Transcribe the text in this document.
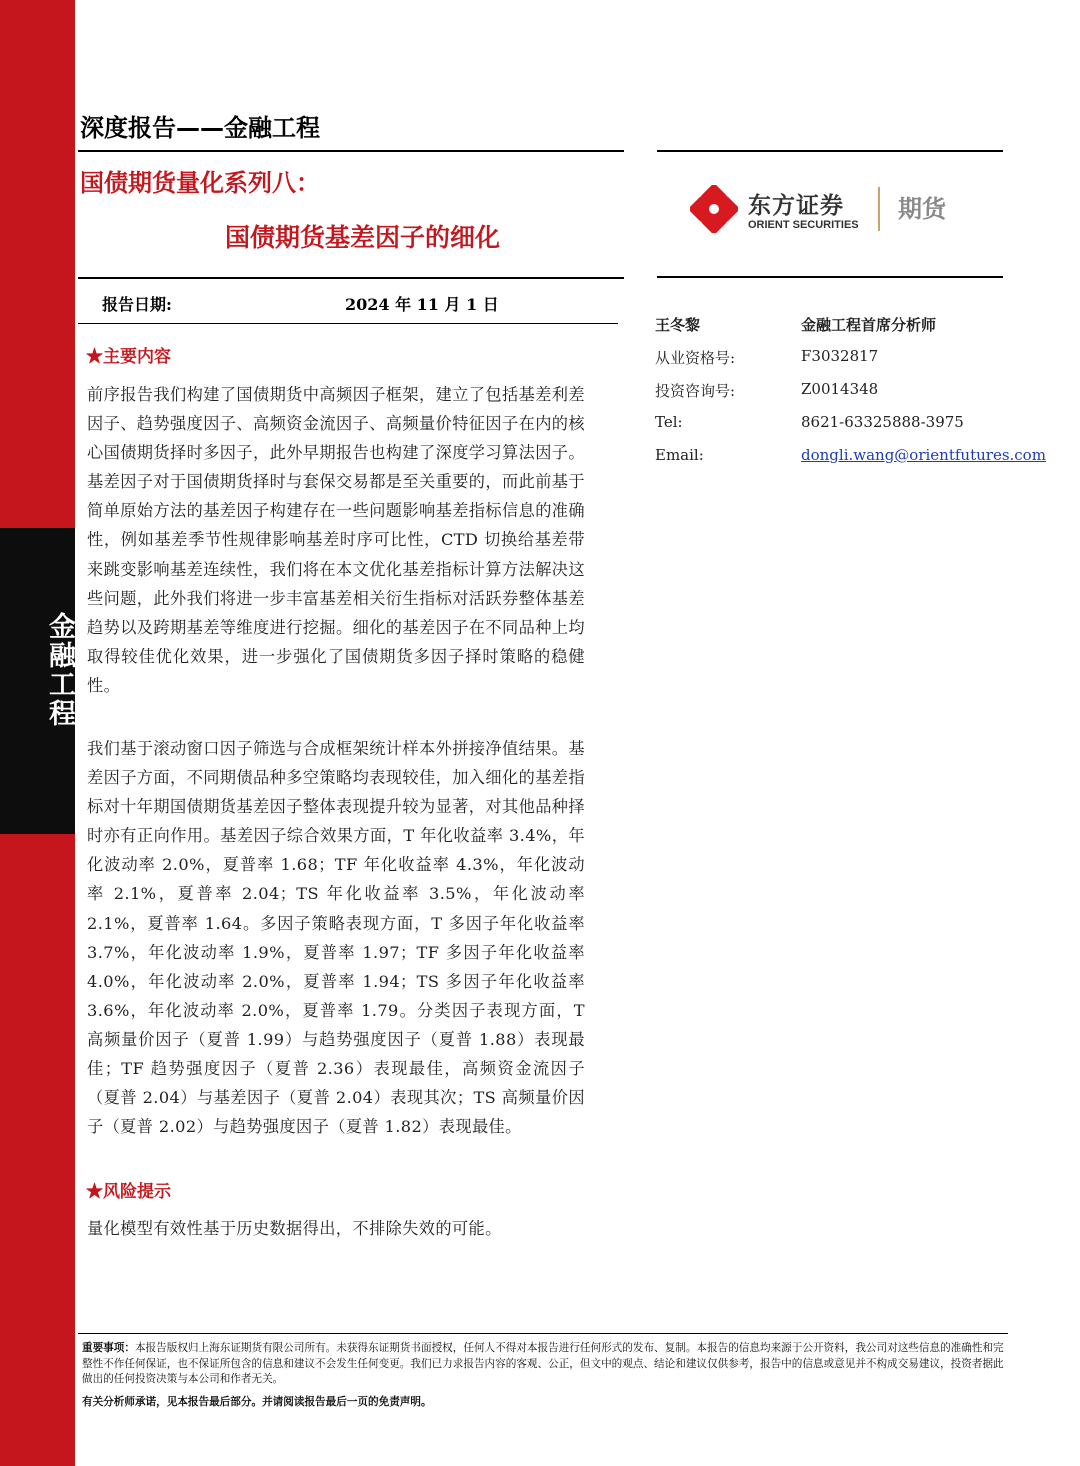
金融工程
深度报告——金融工程
国债期货量化系列八：
国债期货基差因子的细化
东方证券
ORIENT SECURITIES
期货
报告日期:	2024 年 11 月 1 日
王冬黎	金融工程首席分析师
从业资格号:	F3032817
投资咨询号:	Z0014348
Tel:	8621-63325888-3975
Email:	dongli.wang@orientfutures.com
★主要内容
前序报告我们构建了国债期货中高频因子框架，建立了包括基差利差因子、趋势强度因子、高频资金流因子、高频量价特征因子在内的核心国债期货择时多因子，此外早期报告也构建了深度学习算法因子。基差因子对于国债期货择时与套保交易都是至关重要的，而此前基于简单原始方法的基差因子构建存在一些问题影响基差指标信息的准确性，例如基差季节性规律影响基差时序可比性，CTD 切换给基差带来跳变影响基差连续性，我们将在本文优化基差指标计算方法解决这些问题，此外我们将进一步丰富基差相关衍生指标对活跃券整体基差趋势以及跨期基差等维度进行挖掘。细化的基差因子在不同品种上均取得较佳优化效果，进一步强化了国债期货多因子择时策略的稳健性。
我们基于滚动窗口因子筛选与合成框架统计样本外拼接净值结果。基差因子方面，不同期债品种多空策略均表现较佳，加入细化的基差指标对十年期国债期货基差因子整体表现提升较为显著，对其他品种择时亦有正向作用。基差因子综合效果方面，T 年化收益率 3.4%，年化波动率 2.0%，夏普率 1.68；TF 年化收益率 4.3%，年化波动率 2.1%，夏普率 2.04；TS 年化收益率 3.5%，年化波动率 2.1%，夏普率 1.64。多因子策略表现方面，T 多因子年化收益率 3.7%，年化波动率 1.9%，夏普率 1.97；TF 多因子年化收益率 4.0%，年化波动率 2.0%，夏普率 1.94；TS 多因子年化收益率 3.6%，年化波动率 2.0%，夏普率 1.79。分类因子表现方面，T 高频量价因子（夏普 1.99）与趋势强度因子（夏普 1.88）表现最佳；TF 趋势强度因子（夏普 2.36）表现最佳，高频资金流因子（夏普 2.04）与基差因子（夏普 2.04）表现其次；TS 高频量价因子（夏普 2.02）与趋势强度因子（夏普 1.82）表现最佳。
★风险提示
量化模型有效性基于历史数据得出，不排除失效的可能。
重要事项：本报告版权归上海东证期货有限公司所有。未获得东证期货书面授权，任何人不得对本报告进行任何形式的发布、复制。本报告的信息均来源于公开资料，我公司对这些信息的准确性和完整性不作任何保证，也不保证所包含的信息和建议不会发生任何变更。我们已力求报告内容的客观、公正，但文中的观点、结论和建议仅供参考，报告中的信息或意见并不构成交易建议，投资者据此做出的任何投资决策与本公司和作者无关。
有关分析师承诺，见本报告最后部分。并请阅读报告最后一页的免责声明。
